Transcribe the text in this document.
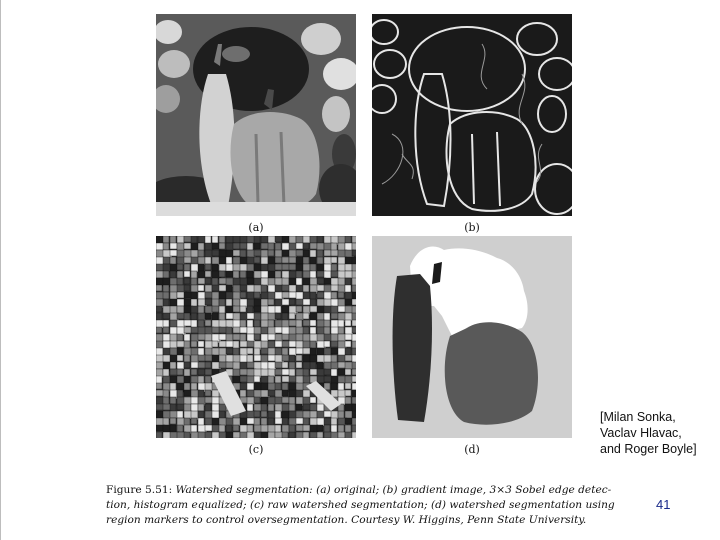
(a)	(b)
(c)	(d)
Figure 5.51: Watershed segmentation: (a) original; (b) gradient image, 3×3 Sobel edge detec-
tion, histogram equalized; (c) raw watershed segmentation; (d) watershed segmentation using
region markers to control oversegmentation. Courtesy W. Higgins, Penn State University.
[Milan Sonka,
Vaclav Hlavac,
and Roger Boyle]
41
